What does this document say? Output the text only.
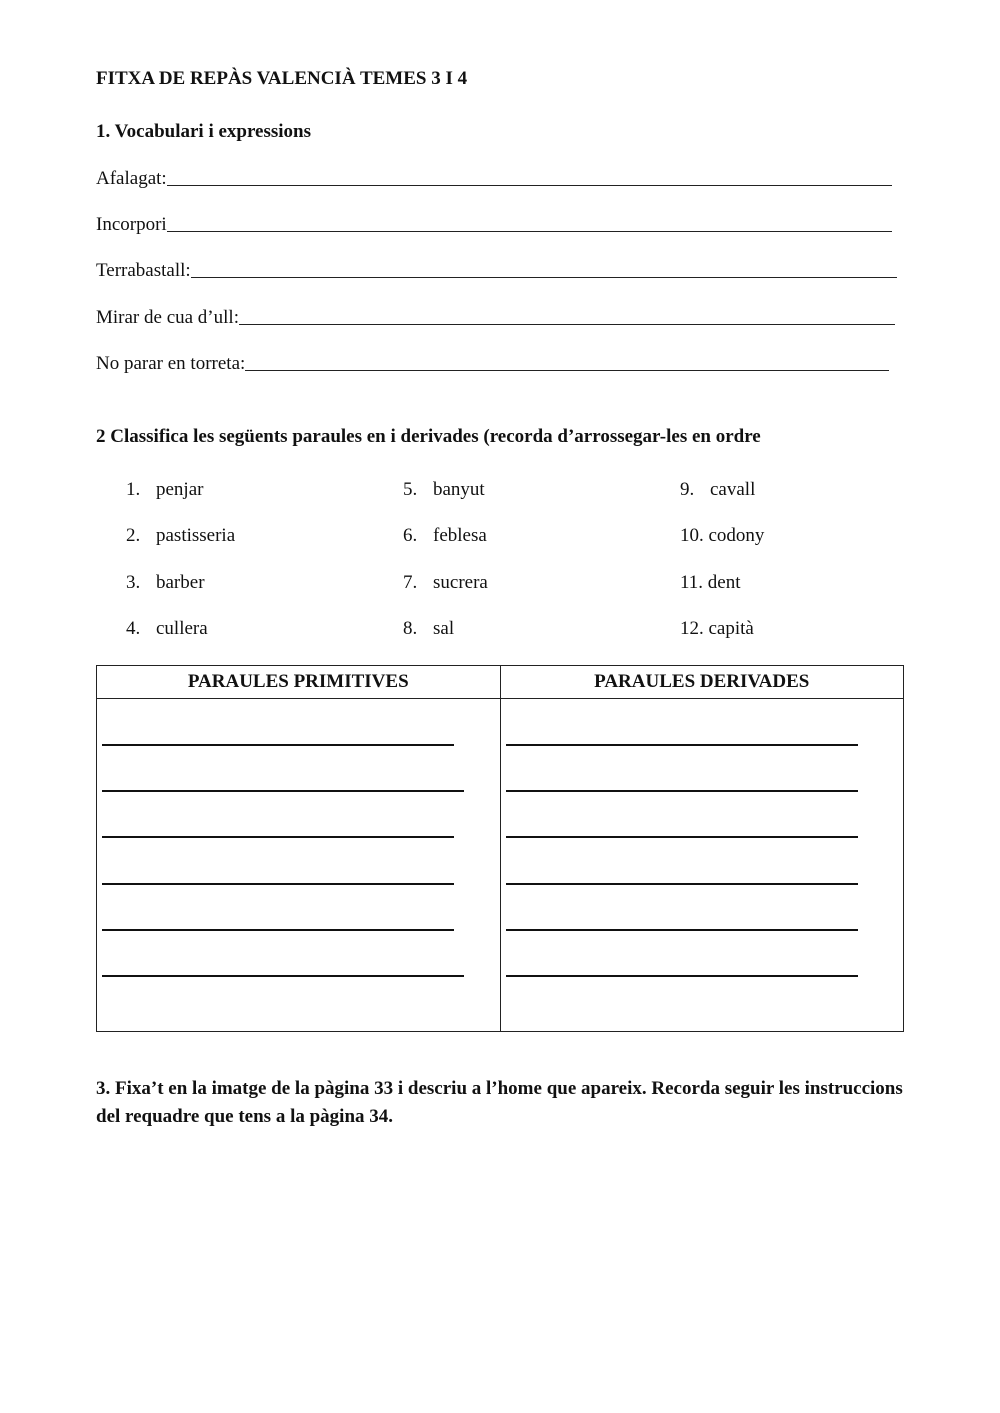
FITXA DE REPÀS VALENCIÀ TEMES 3 I 4
1. Vocabulari i expressions
Afalagat:
Incorpori
Terrabastall:
Mirar de cua d’ull:
No parar en torreta:
2 Classifica les següents paraules en i derivades (recorda d’arrossegar-les en ordre
1. penjar
2. pastisseria
3. barber
4. cullera
5. banyut
6. feblesa
7. sucrera
8. sal
9. cavall
10. codony
11. dent
12. capità
PARAULES PRIMITIVES	PARAULES DERIVADES

3. Fixa’t en la imatge de la pàgina 33 i descriu a l’home que apareix. Recorda seguir les instruccions del requadre que tens a la pàgina 34.
